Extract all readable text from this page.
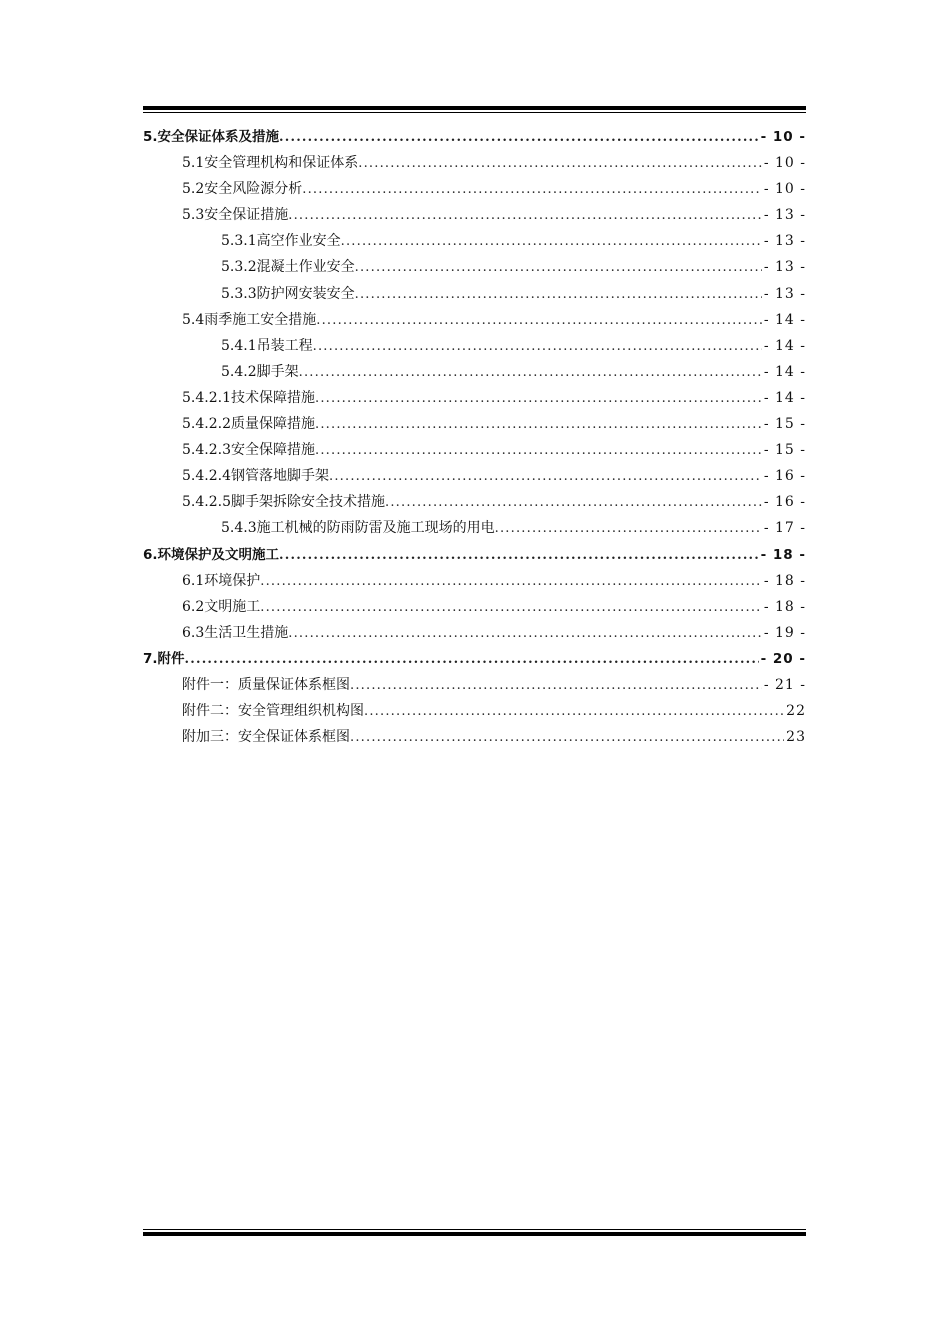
5.安全保证体系及措施 .....	- 10 -
5.1安全管理机构和保证体系 .....	- 10 -
5.2安全风险源分析 .....	- 10 -
5.3安全保证措施 .....	- 13 -
5.3.1高空作业安全 .....	- 13 -
5.3.2混凝土作业安全 .....	- 13 -
5.3.3防护网安装安全 .....	- 13 -
5.4雨季施工安全措施 .....	- 14 -
5.4.1吊装工程 .....	- 14 -
5.4.2脚手架 .....	- 14 -
5.4.2.1技术保障措施 .....	- 14 -
5.4.2.2质量保障措施 .....	- 15 -
5.4.2.3安全保障措施 .....	- 15 -
5.4.2.4钢管落地脚手架 .....	- 16 -
5.4.2.5脚手架拆除安全技术措施 .....	- 16 -
5.4.3施工机械的防雨防雷及施工现场的用电 .....	- 17 -
6.环境保护及文明施工 .....	- 18 -
6.1环境保护 .....	- 18 -
6.2文明施工 .....	- 18 -
6.3生活卫生措施 .....	- 19 -
7.附件 .....	- 20 -
附件一：质量保证体系框图 .....	- 21 -
附件二：安全管理组织机构图 .....	22
附加三：安全保证体系框图 .....	23
